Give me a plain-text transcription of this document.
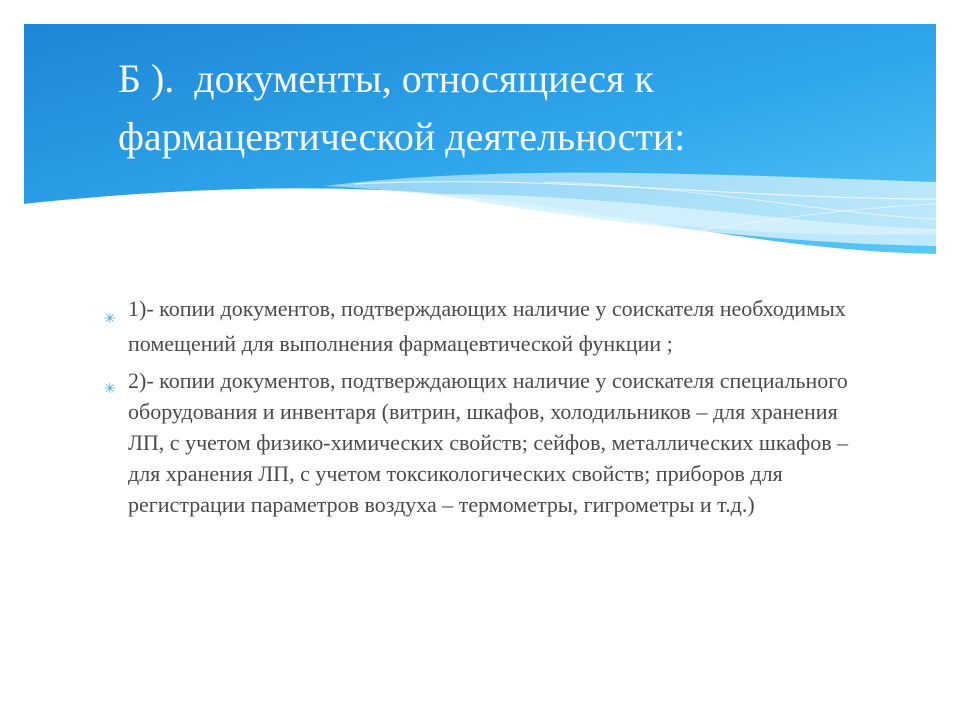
Б ).  документы, относящиеся к фармацевтической деятельности:
✳ 1)- копии документов, подтверждающих наличие у соискателя необходимых помещений для выполнения фармацевтической функции ;
✳ 2)- копии документов, подтверждающих наличие у соискателя специального оборудования и инвентаря (витрин, шкафов, холодильников – для хранения ЛП, с учетом физико-химических свойств; сейфов, металлических шкафов – для хранения ЛП, с учетом токсикологических свойств; приборов для регистрации параметров воздуха – термометры, гигрометры и т.д.)
